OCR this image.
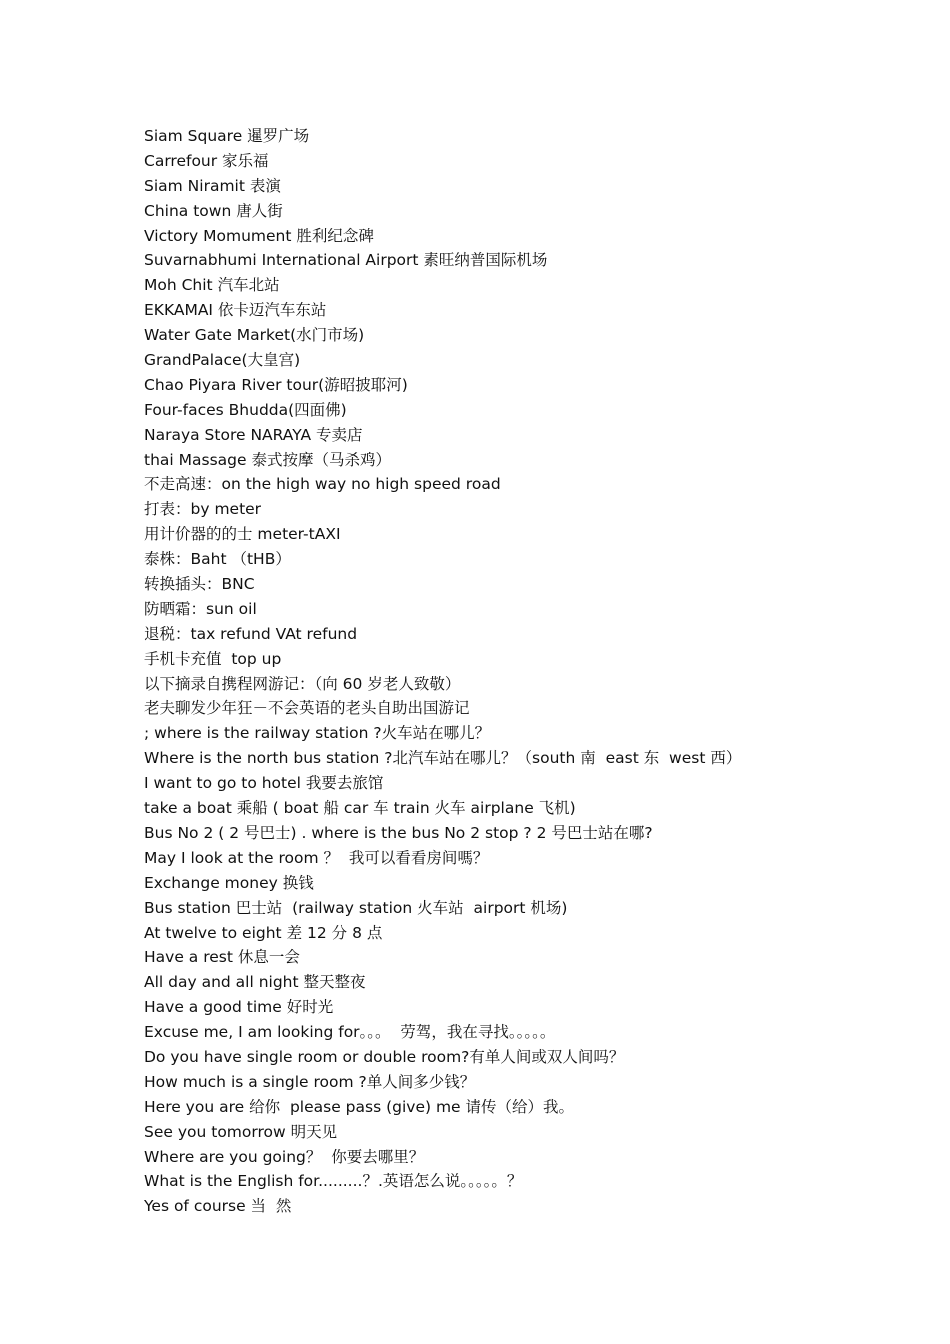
Siam Square 暹罗广场
Carrefour 家乐福
Siam Niramit 表演
China town 唐人街
Victory Momument 胜利纪念碑
Suvarnabhumi International Airport 素旺纳普国际机场
Moh Chit 汽车北站
EKKAMAI 依卡迈汽车东站
Water Gate Market(水门市场)
GrandPalace(大皇宫)
Chao Piyara River tour(游昭披耶河)
Four-faces Bhudda(四面佛)
Naraya Store NARAYA 专卖店
thai Massage 泰式按摩（马杀鸡）
不走高速：on the high way no high speed road
打表：by meter
用计价器的的士 meter-tAXI
泰株：Baht （tHB）
转换插头：BNC
防晒霜：sun oil
退税：tax refund VAt refund
手机卡充值  top up
以下摘录自携程网游记：（向 60 岁老人致敬）
老夫聊发少年狂－不会英语的老头自助出国游记
; where is the railway station ?火车站在哪儿？
Where is the north bus station ?北汽车站在哪儿？（south 南  east 东  west 西）
I want to go to hotel 我要去旅馆
take a boat 乘船 ( boat 船 car 车 train 火车 airplane 飞机)
Bus No 2 ( 2 号巴士) . where is the bus No 2 stop ? 2 号巴士站在哪?
May I look at the room ？  我可以看看房间嗎？
Exchange money 换钱
Bus station 巴士站  (railway station 火车站  airport 机场)
At twelve to eight 差 12 分 8 点
Have a rest 休息一会
All day and all night 整天整夜
Have a good time 好时光
Excuse me, I am looking for。。。  劳驾，我在寻找。。。。。
Do you have single room or double room?有单人间或双人间吗？
How much is a single room ?单人间多少钱？
Here you are 给你  please pass (give) me 请传（给）我。
See you tomorrow 明天见
Where are you going？  你要去哪里？
What is the English for.........？.英语怎么说。。。。。？
Yes of course 当  然
